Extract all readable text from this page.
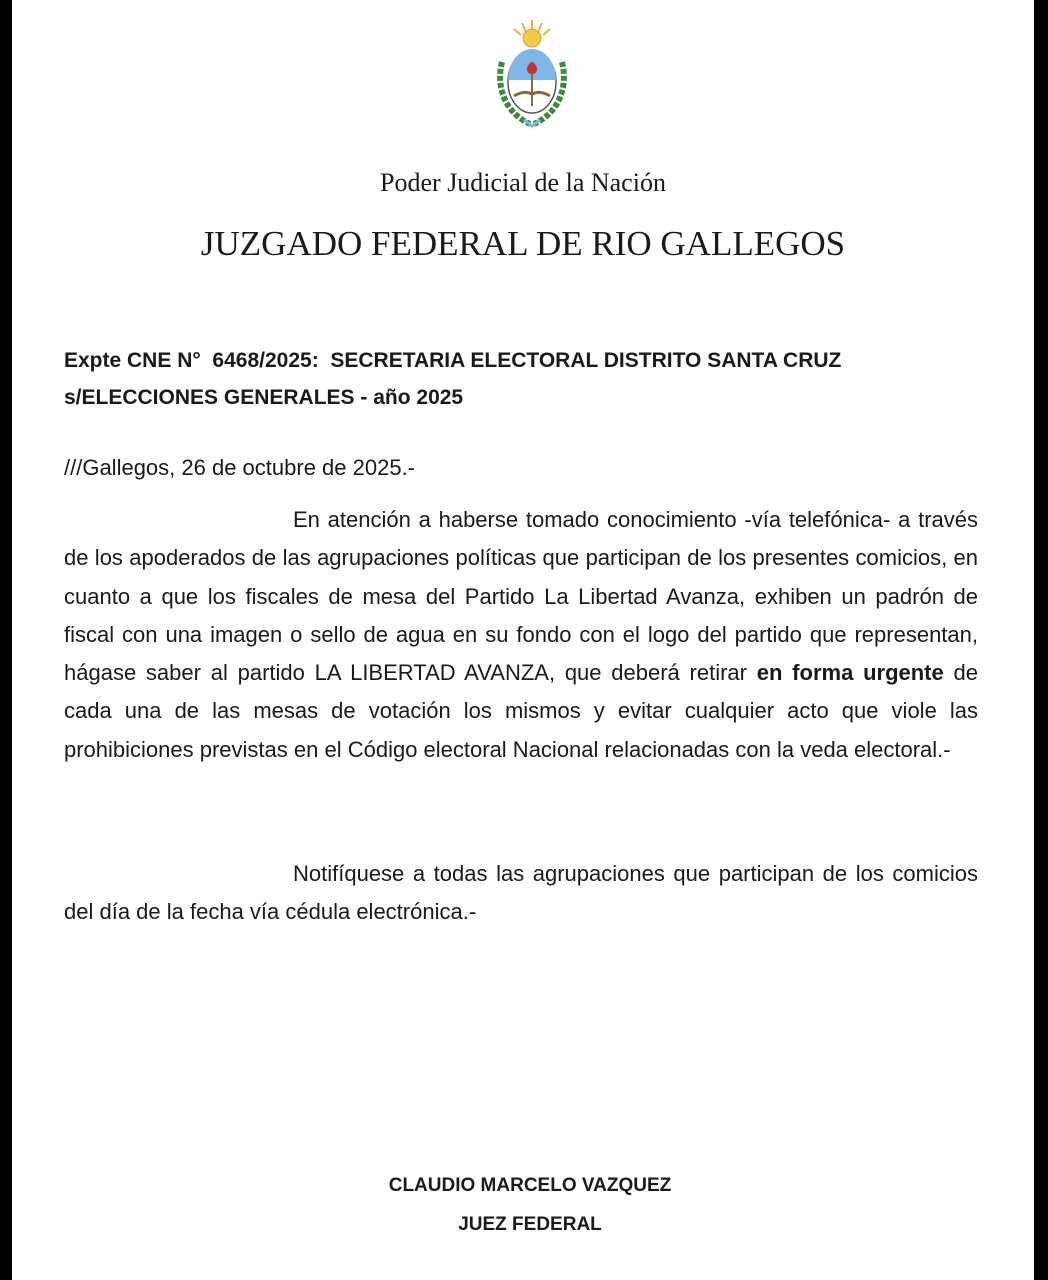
Poder Judicial de la Nación
JUZGADO FEDERAL DE RIO GALLEGOS
Expte CNE N°  6468/2025:  SECRETARIA ELECTORAL DISTRITO SANTA CRUZ
s/ELECCIONES GENERALES - año 2025
///Gallegos, 26 de octubre de 2025.-

En atención a haberse tomado conocimiento -vía telefónica- a través de los apoderados de las agrupaciones políticas que participan de los presentes comicios, en cuanto a que los fiscales de mesa del Partido La Libertad Avanza, exhiben un padrón de fiscal con una imagen o sello de agua en su fondo con el logo del partido que representan, hágase saber al partido LA LIBERTAD AVANZA, que deberá retirar en forma urgente de cada una de las mesas de votación los mismos y evitar cualquier acto que viole las prohibiciones previstas en el Código electoral Nacional relacionadas con la veda electoral.-

Notifíquese a todas las agrupaciones que participan de los comicios del día de la fecha vía cédula electrónica.-

CLAUDIO MARCELO VAZQUEZ
JUEZ FEDERAL
